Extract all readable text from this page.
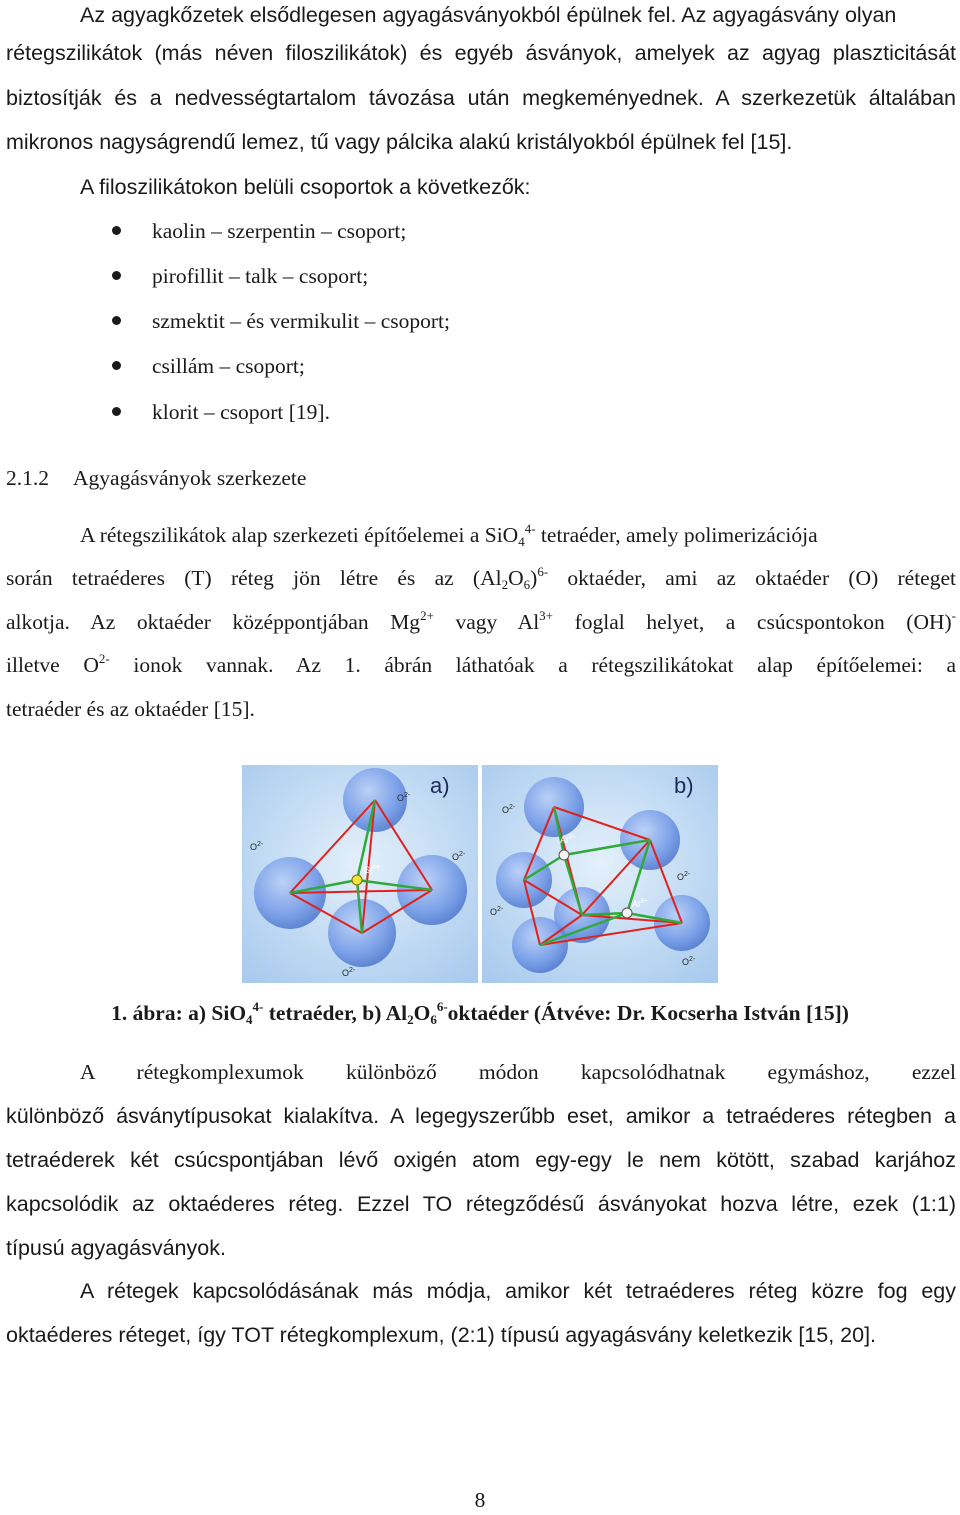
Az agyagkőzetek elsődlegesen agyagásványokból épülnek fel. Az agyagásvány olyan
rétegszilikátok (más néven filoszilikátok) és egyéb ásványok, amelyek az agyag plaszticitását
biztosítják és a nedvességtartalom távozása után megkeményednek. A szerkezetük általában
mikronos nagyságrendű lemez, tű vagy pálcika alakú kristályokból épülnek fel [15].
A filoszilikátokon belüli csoportok a következők:
kaolin – szerpentin – csoport;
pirofillit – talk – csoport;
szmektit – és vermikulit – csoport;
csillám – csoport;
klorit – csoport [19].
2.1.2 Agyagásványok szerkezete
A rétegszilikátok alap szerkezeti építőelemei a SiO$_4^{4-}$ tetraéder, amely polimerizációja
során tetraéderes (T) réteg jön létre és az $(Al_2O_6)^{6-}$ oktaéder, ami az oktaéder (O) réteget
alkotja. Az oktaéder középpontjában $Mg^{2+}$ vagy $Al^{3+}$ foglal helyet, a csúcspontokon (OH)-
illetve $O^{2-}$ ionok vannak. Az 1. ábrán láthatóak a rétegszilikátokat alap építőelemei: a
tetraéder és az oktaéder [15].
$Si^{4+}$
$O^{2-}$
$O^{2-}$
$O^{2-}$
$O^{2-}$
a)
$Al^{3+}$
$Al^{3+}$
$O^{2-}$
$O^{2-}$
$O^{2-}$
$O^{2-}$
b)
1. ábra: a) SiO$_4^{4-}$ tetraéder, b) $Al_2O_6^{6-}oktaéder$ (Átvéve: Dr. Kocserha István [15])
A rétegkomplexumok különböző módon kapcsolódhatnak egymáshoz, ezzel
különböző ásványtípusokat kialakítva. A legegyszerűbb eset, amikor a tetraéderes rétegben a
tetraéderek két csúcspontjában lévő oxigén atom egy-egy le nem kötött, szabad karjához
kapcsolódik az oktaéderes réteg. Ezzel TO rétegződésű ásványokat hozva létre, ezek (1:1)
típusú agyagásványok.
A rétegek kapcsolódásának más módja, amikor két tetraéderes réteg közre fog egy
oktaéderes réteget, így TOT rétegkomplexum, (2:1) típusú agyagásvány keletkezik [15, 20].
8
